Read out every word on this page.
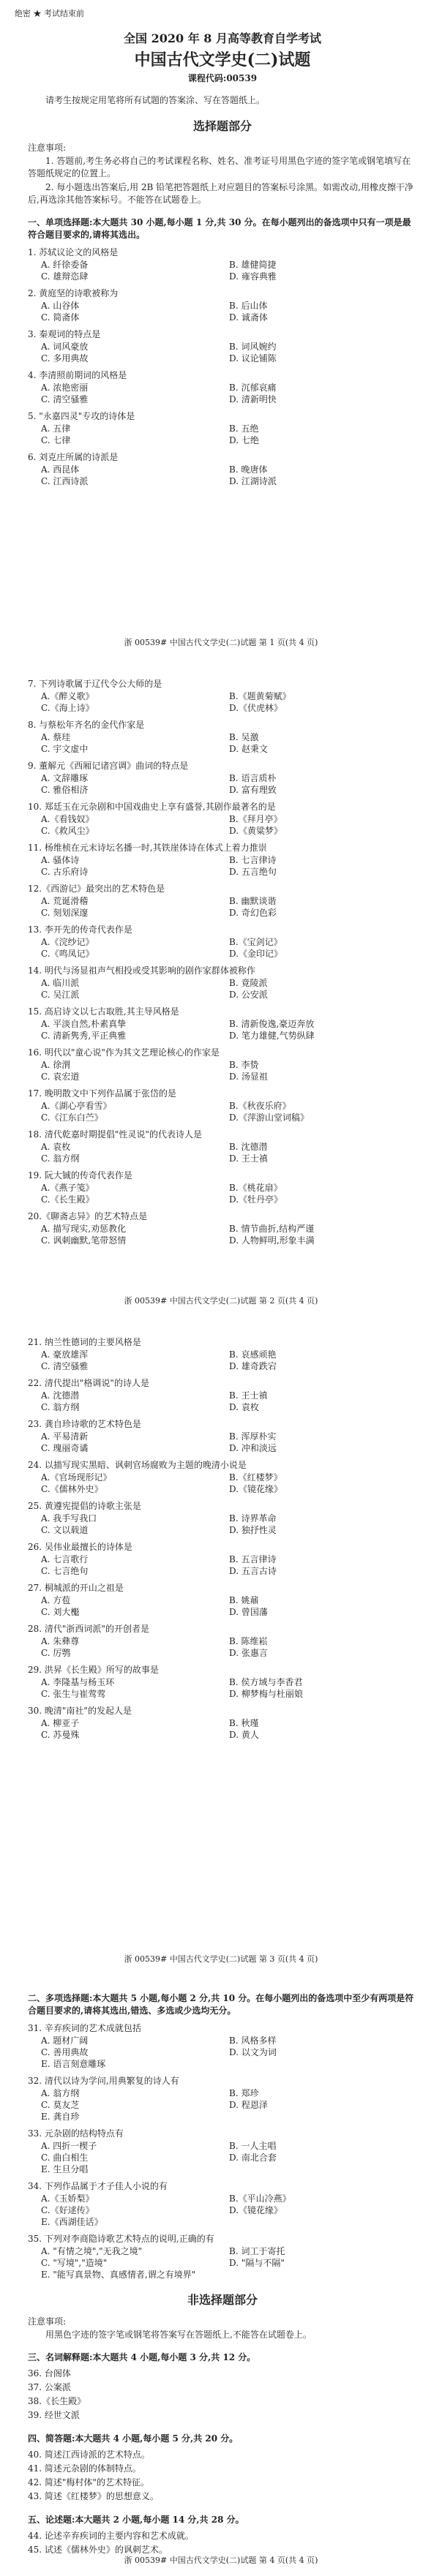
绝密 ★ 考试结束前
全国 2020 年 8 月高等教育自学考试
中国古代文学史(二)试题
课程代码:00539
请考生按规定用笔将所有试题的答案涂、写在答题纸上。
选择题部分
注意事项:
1. 答题前,考生务必将自己的考试课程名称、姓名、准考证号用黑色字迹的签字笔或钢笔填写在答题纸规定的位置上。
2. 每小题选出答案后,用 2B 铅笔把答题纸上对应题目的答案标号涂黑。如需改动,用橡皮擦干净后,再选涂其他答案标号。不能答在试题卷上。
一、单项选择题:本大题共 30 小题,每小题 1 分,共 30 分。在每小题列出的备选项中只有一项是最符合题目要求的,请将其选出。
1. 苏轼议论文的风格是
A. 纤徐委备	B. 雄健简捷
C. 雄辩恣肆	D. 雍容典雅
2. 黄庭坚的诗歌被称为
A. 山谷体	B. 后山体
C. 简斋体	D. 诚斋体
3. 秦观词的特点是
A. 词风豪放	B. 词风婉约
C. 多用典故	D. 议论铺陈
4. 李清照前期词的风格是
A. 浓艳密丽	B. 沉郁哀痛
C. 清空骚雅	D. 清新明快
5. "永嘉四灵"专攻的诗体是
A. 五律	B. 五绝
C. 七律	D. 七绝
6. 刘克庄所属的诗派是
A. 西昆体	B. 晚唐体
C. 江西诗派	D. 江湖诗派
浙 00539# 中国古代文学史(二)试题 第 1 页(共 4 页)
7. 下列诗歌属于辽代令公大师的是
A.《醉义歌》	B.《题黄菊赋》
C.《海上诗》	D.《伏虎林》
8. 与蔡松年齐名的金代作家是
A. 蔡珪	B. 吴激
C. 宇文虚中	D. 赵秉文
9. 董解元《西厢记诸宫调》曲词的特点是
A. 文辞雕琢	B. 语言质朴
C. 雅俗相济	D. 富有理致
10. 郑廷玉在元杂剧和中国戏曲史上享有盛誉,其剧作最著名的是
A.《看钱奴》	B.《拜月亭》
C.《救风尘》	D.《黄粱梦》
11. 杨维桢在元末诗坛名播一时,其铁崖体诗在体式上着力推崇
A. 骚体诗	B. 七言律诗
C. 古乐府诗	D. 五言绝句
12.《西游记》最突出的艺术特色是
A. 荒诞滑稽	B. 幽默谈谐
C. 刻划深邃	D. 奇幻色彩
13. 李开先的传奇代表作是
A.《浣纱记》	B.《宝剑记》
C.《鸣凤记》	D.《金印记》
14. 明代与汤显祖声气相投或受其影响的剧作家群体被称作
A. 临川派	B. 竟陵派
C. 吴江派	D. 公安派
15. 高启诗文以七古取胜,其主导风格是
A. 平淡自然,朴素真挚	B. 清新俊逸,豪迈奔放
C. 清新隽秀,平正典雅	D. 笔力雄健,气势纵肆
16. 明代以"童心说"作为其文艺理论核心的作家是
A. 徐渭	B. 李贽
C. 袁宏道	D. 汤显祖
17. 晚明散文中下列作品属于张岱的是
A.《湖心亭看雪》	B.《秋夜乐府》
C.《江东白苎》	D.《萍游山堂词稿》
18. 清代乾嘉时期提倡"性灵说"的代表诗人是
A. 袁枚	B. 沈德潜
C. 翁方纲	D. 王士禛
19. 阮大铖的传奇代表作是
A.《燕子笺》	B.《桃花扇》
C.《长生殿》	D.《牡丹亭》
20.《聊斋志异》的艺术特点是
A. 描写现实,劝惩教化	B. 情节曲折,结构严谨
C. 讽刺幽默,笔带怒情	D. 人物鲜明,形象丰满
浙 00539# 中国古代文学史(二)试题 第 2 页(共 4 页)
21. 纳兰性德词的主要风格是
A. 豪放雄浑	B. 哀感顽艳
C. 清空骚雅	D. 雄奇跌宕
22. 清代提出"格调说"的诗人是
A. 沈德潜	B. 王士禛
C. 翁方纲	D. 袁枚
23. 龚自珍诗歌的艺术特色是
A. 平易清新	B. 浑厚朴实
C. 瑰丽奇谲	D. 冲和淡远
24. 以描写现实黑暗、讽刺官场腐败为主题的晚清小说是
A.《官场现形记》	B.《红楼梦》
C.《儒林外史》	D.《镜花缘》
25. 黄遵宪提倡的诗歌主张是
A. 我手写我口	B. 诗界革命
C. 文以载道	D. 独抒性灵
26. 吴伟业最擅长的诗体是
A. 七言歌行	B. 五言律诗
C. 七言绝句	D. 五言古诗
27. 桐城派的开山之祖是
A. 方苞	B. 姚鼐
C. 刘大櫆	D. 曾国藩
28. 清代"浙西词派"的开创者是
A. 朱彝尊	B. 陈维崧
C. 厉鹗	D. 张惠言
29. 洪昇《长生殿》所写的故事是
A. 李隆基与杨玉环	B. 侯方域与李香君
C. 张生与崔莺莺	D. 柳梦梅与杜丽娘
30. 晚清"南社"的发起人是
A. 柳亚子	B. 秋瑾
C. 苏曼殊	D. 黄人
浙 00539# 中国古代文学史(二)试题 第 3 页(共 4 页)
二、多项选择题:本大题共 5 小题,每小题 2 分,共 10 分。在每小题列出的备选项中至少有两项是符合题目要求的,请将其选出,错选、多选或少选均无分。
31. 辛弃疾词的艺术成就包括
A. 题材广阔	B. 风格多样
C. 善用典故	D. 以文为词
E. 语言刻意雕琢
32. 清代以诗为学问,用典繁复的诗人有
A. 翁方纲	B. 郑珍
C. 莫友芝	D. 程恩泽
E. 龚自珍
33. 元杂剧的结构特点有
A. 四折一楔子	B. 一人主唱
C. 曲白相生	D. 南北合套
E. 生旦分唱
34. 下列作品属于才子佳人小说的有
A.《玉娇梨》	B.《平山冷燕》
C.《好逑传》	D.《镜花缘》
E.《西湖佳话》
35. 下列对李商隐诗歌艺术特点的说明,正确的有
A. "有情之境","无我之境"	B. 词工于寄托
C. "写境","造境"	D. "隔与不隔"
E. "能写真景物、真感情者,谓之有境界"
非选择题部分
注意事项:
用黑色字迹的签字笔或钢笔将答案写在答题纸上,不能答在试题卷上。
三、名词解释题:本大题共 4 小题,每小题 3 分,共 12 分。
36. 台阁体
37. 公案派
38.《长生殿》
39. 经世文派
四、简答题:本大题共 4 小题,每小题 5 分,共 20 分。
40. 简述江西诗派的艺术特点。
41. 简述元杂剧的体制特点。
42. 简述"梅村体"的艺术特征。
43. 简述《红楼梦》的思想意义。
五、论述题:本大题共 2 小题,每小题 14 分,共 28 分。
44. 论述辛弃疾词的主要内容和艺术成就。
45. 试述《儒林外史》的讽刺艺术。
浙 00539# 中国古代文学史(二)试题 第 4 页(共 4 页)
